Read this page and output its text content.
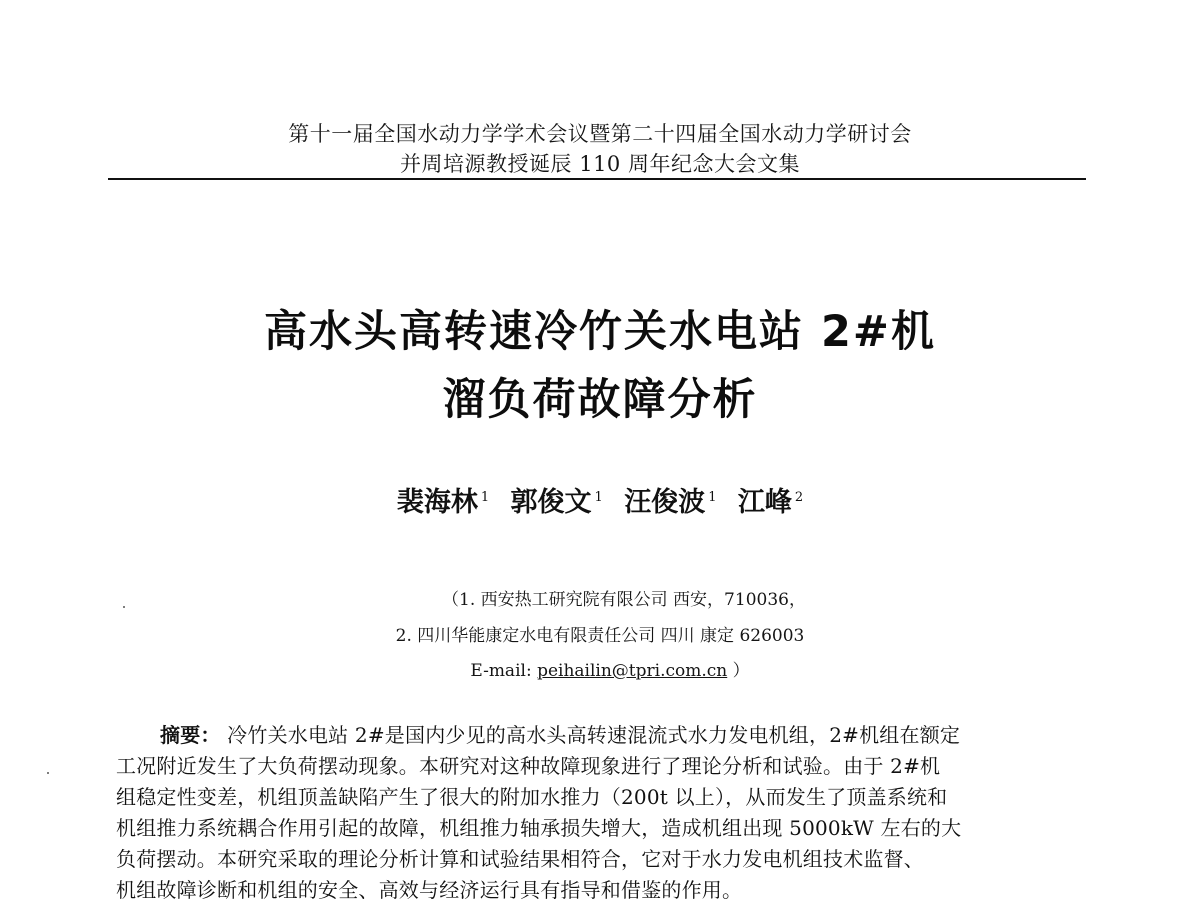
第十一届全国水动力学学术会议暨第二十四届全国水动力学研讨会
并周培源教授诞辰 110 周年纪念大会文集
高水头高转速冷竹关水电站 2#机
溜负荷故障分析
裴海林 $^1$ 郭俊文 $^1$ 汪俊波 $^1$ 江峰 $^2$
（1. 西安热工研究院有限公司 西安，710036，
2. 四川华能康定水电有限责任公司 四川 康定 626003
E-mail: peihailin@tpri.com.cn ）
摘要： 冷竹关水电站 2#是国内少见的高水头高转速混流式水力发电机组，2#机组在额定
工况附近发生了大负荷摆动现象。本研究对这种故障现象进行了理论分析和试验。由于 2#机
组稳定性变差，机组顶盖缺陷产生了很大的附加水推力（200t 以上），从而发生了顶盖系统和
机组推力系统耦合作用引起的故障，机组推力轴承损失增大，造成机组出现 5000kW 左右的大
负荷摆动。本研究采取的理论分析计算和试验结果相符合，它对于水力发电机组技术监督、
机组故障诊断和机组的安全、高效与经济运行具有指导和借鉴的作用。
